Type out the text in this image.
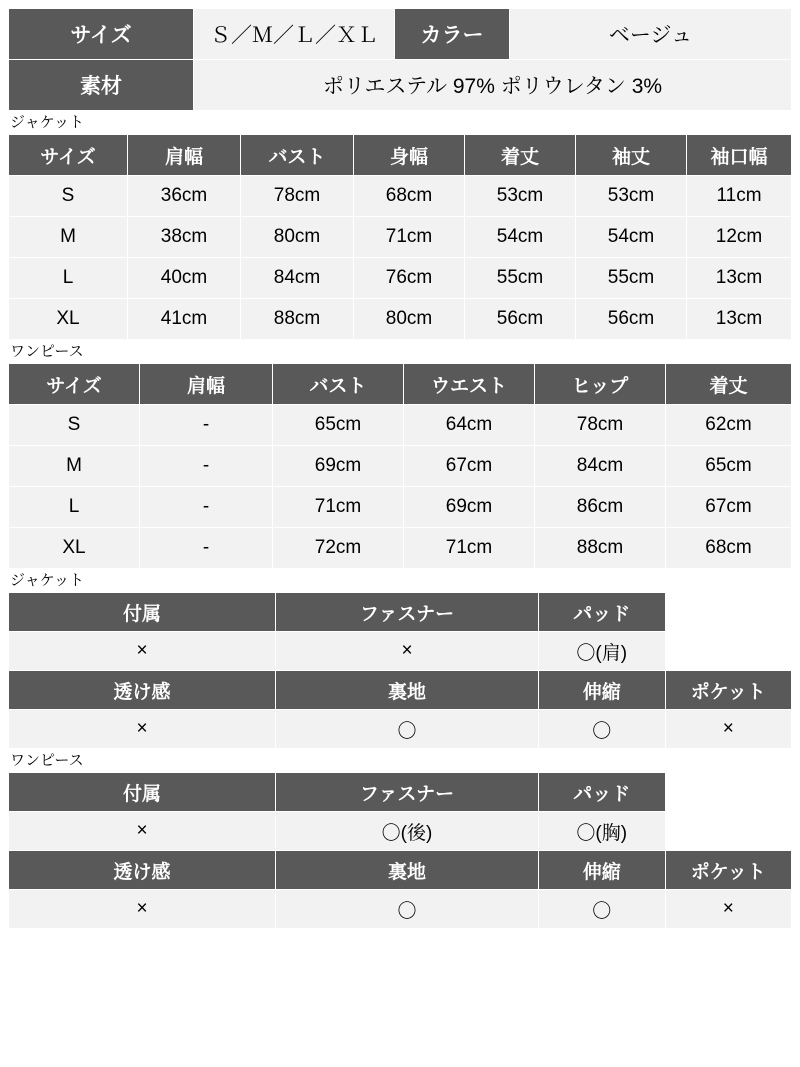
サイズ	Ｓ／Ｍ／Ｌ／ＸＬ	カラー	ベージュ
素材	ポリエステル 97% ポリウレタン 3%		
ジャケット
サイズ	肩幅	バスト	身幅	着丈	袖丈	袖口幅
S	36cm	78cm	68cm	53cm	53cm	11cm
M	38cm	80cm	71cm	54cm	54cm	12cm
L	40cm	84cm	76cm	55cm	55cm	13cm
XL	41cm	88cm	80cm	56cm	56cm	13cm
ワンピース
サイズ	肩幅	バスト	ウエスト	ヒップ	着丈
S	-	65cm	64cm	78cm	62cm
M	-	69cm	67cm	84cm	65cm
L	-	71cm	69cm	86cm	67cm
XL	-	72cm	71cm	88cm	68cm
ジャケット
付属	ファスナー	パッド	
×	×	〇(肩)	
透け感	裏地	伸縮	ポケット
×	〇	〇	×
ワンピース
付属	ファスナー	パッド	
×	〇(後)	〇(胸)	
透け感	裏地	伸縮	ポケット
×	〇	〇	×
